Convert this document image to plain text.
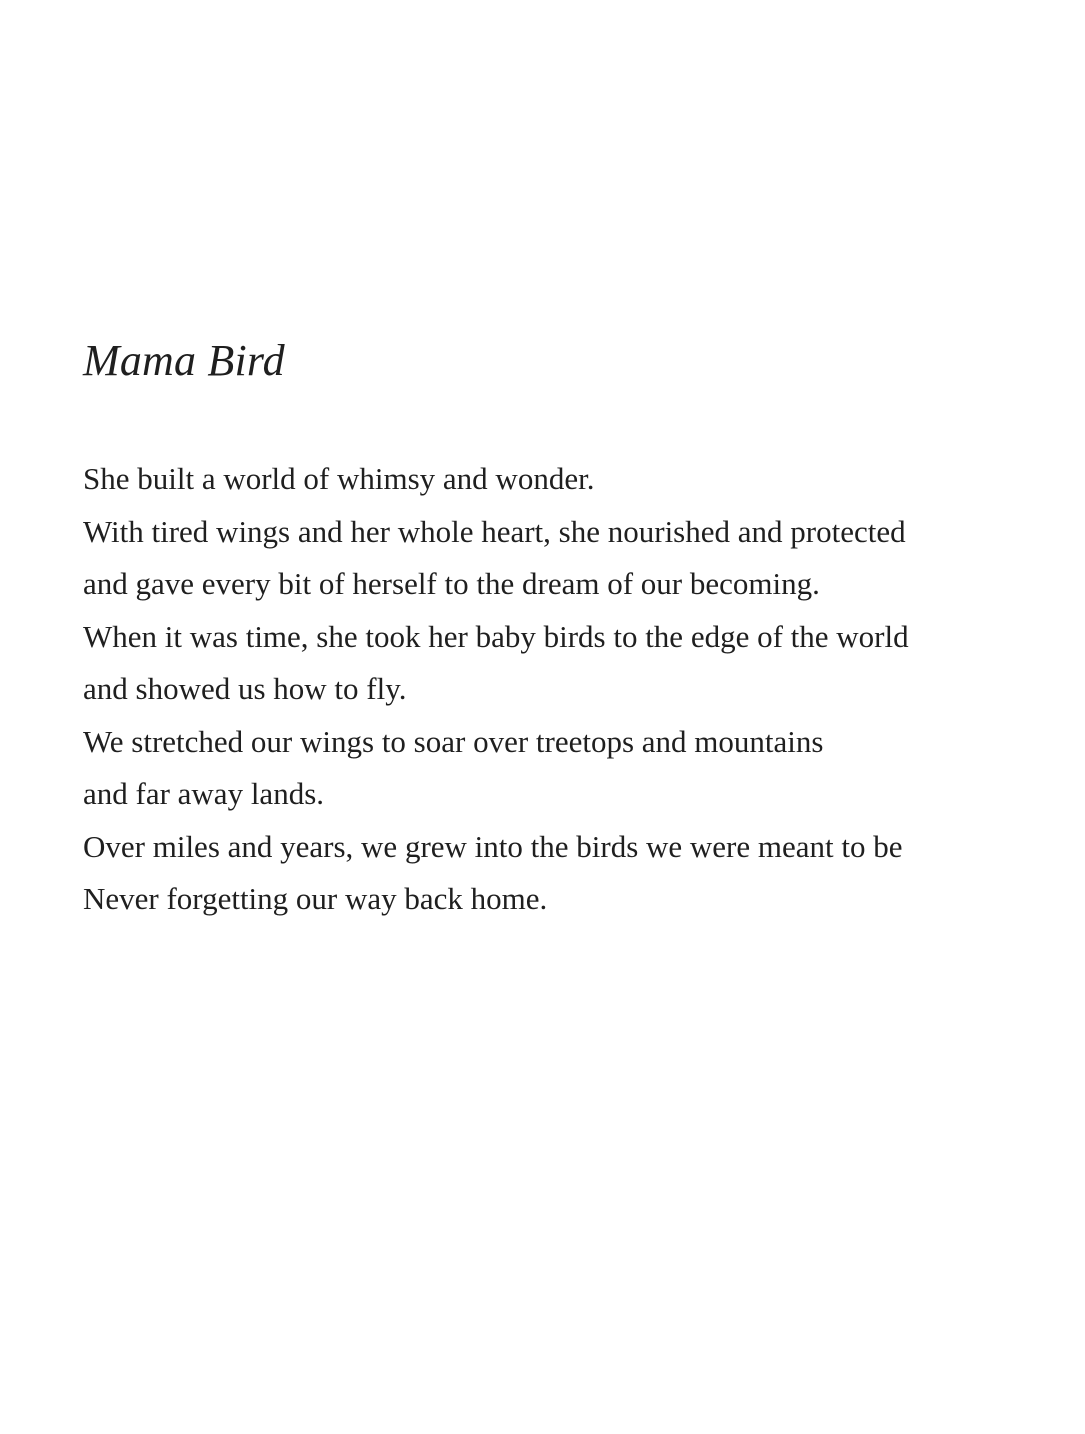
Mama Bird
She built a world of whimsy and wonder.
With tired wings and her whole heart, she nourished and protected
and gave every bit of herself to the dream of our becoming.
When it was time, she took her baby birds to the edge of the world
and showed us how to fly.
We stretched our wings to soar over treetops and mountains
and far away lands.
Over miles and years, we grew into the birds we were meant to be
Never forgetting our way back home.
